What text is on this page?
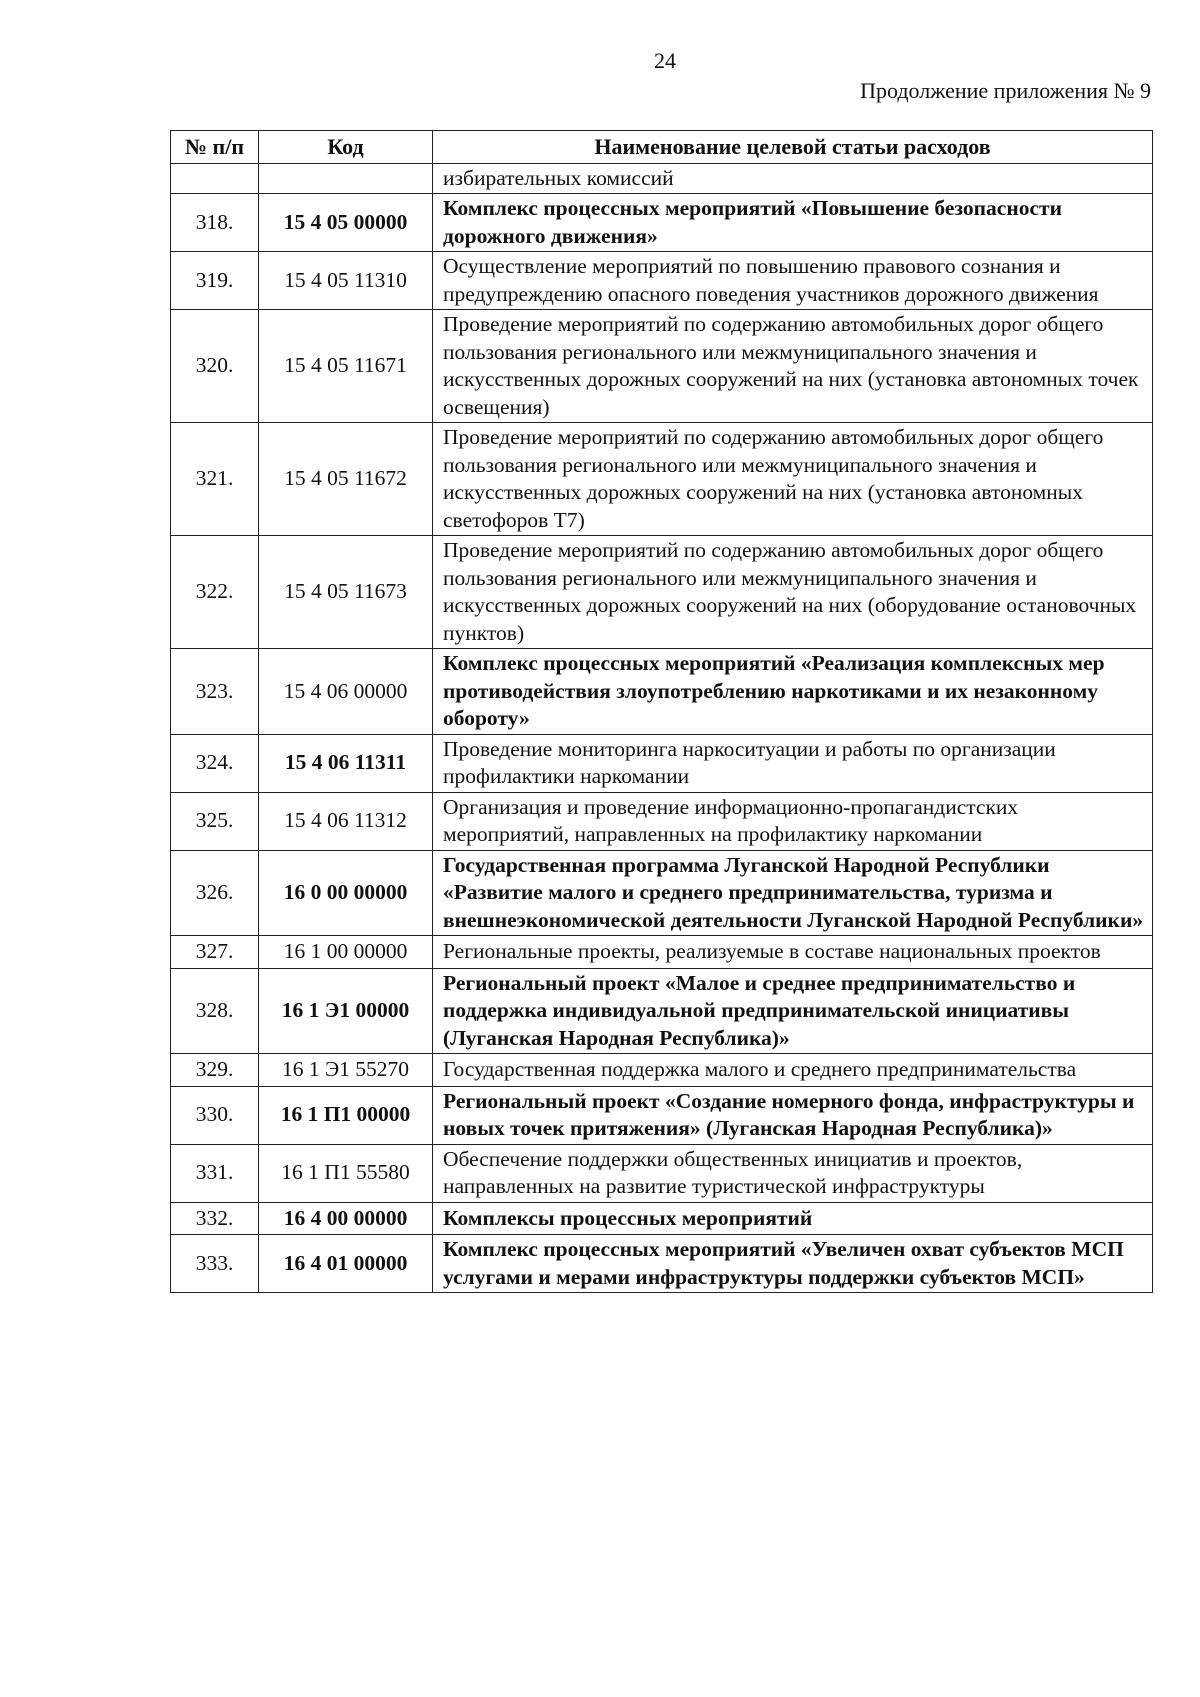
24
Продолжение приложения № 9
№ п/п	Код	Наименование целевой статьи расходов
		избирательных комиссий
318.	15 4 05 00000	Комплекс процессных мероприятий «Повышение безопасности дорожного движения»
319.	15 4 05 11310	Осуществление мероприятий по повышению правового сознания и предупреждению опасного поведения участников дорожного движения
320.	15 4 05 11671	Проведение мероприятий по содержанию автомобильных дорог общего пользования регионального или межмуниципального значения и искусственных дорожных сооружений на них (установка автономных точек освещения)
321.	15 4 05 11672	Проведение мероприятий по содержанию автомобильных дорог общего пользования регионального или межмуниципального значения и искусственных дорожных сооружений на них (установка автономных светофоров Т7)
322.	15 4 05 11673	Проведение мероприятий по содержанию автомобильных дорог общего пользования регионального или межмуниципального значения и искусственных дорожных сооружений на них (оборудование остановочных пунктов)
323.	15 4 06 00000	Комплекс процессных мероприятий «Реализация комплексных мер противодействия злоупотреблению наркотиками и их незаконному обороту»
324.	15 4 06 11311	Проведение мониторинга наркоситуации и работы по организации профилактики наркомании
325.	15 4 06 11312	Организация и проведение информационно-пропагандистских мероприятий, направленных на профилактику наркомании
326.	16 0 00 00000	Государственная программа Луганской Народной Республики «Развитие малого и среднего предпринимательства, туризма и внешнеэкономической деятельности Луганской Народной Республики»
327.	16 1 00 00000	Региональные проекты, реализуемые в составе национальных проектов
328.	16 1 Э1 00000	Региональный проект «Малое и среднее предпринимательство и поддержка индивидуальной предпринимательской инициативы (Луганская Народная Республика)»
329.	16 1 Э1 55270	Государственная поддержка малого и среднего предпринимательства
330.	16 1 П1 00000	Региональный проект «Создание номерного фонда, инфраструктуры и новых точек притяжения» (Луганская Народная Республика)»
331.	16 1 П1 55580	Обеспечение поддержки общественных инициатив и проектов, направленных на развитие туристической инфраструктуры
332.	16 4 00 00000	Комплексы процессных мероприятий
333.	16 4 01 00000	Комплекс процессных мероприятий «Увеличен охват субъектов МСП услугами и мерами инфраструктуры поддержки субъектов МСП»
